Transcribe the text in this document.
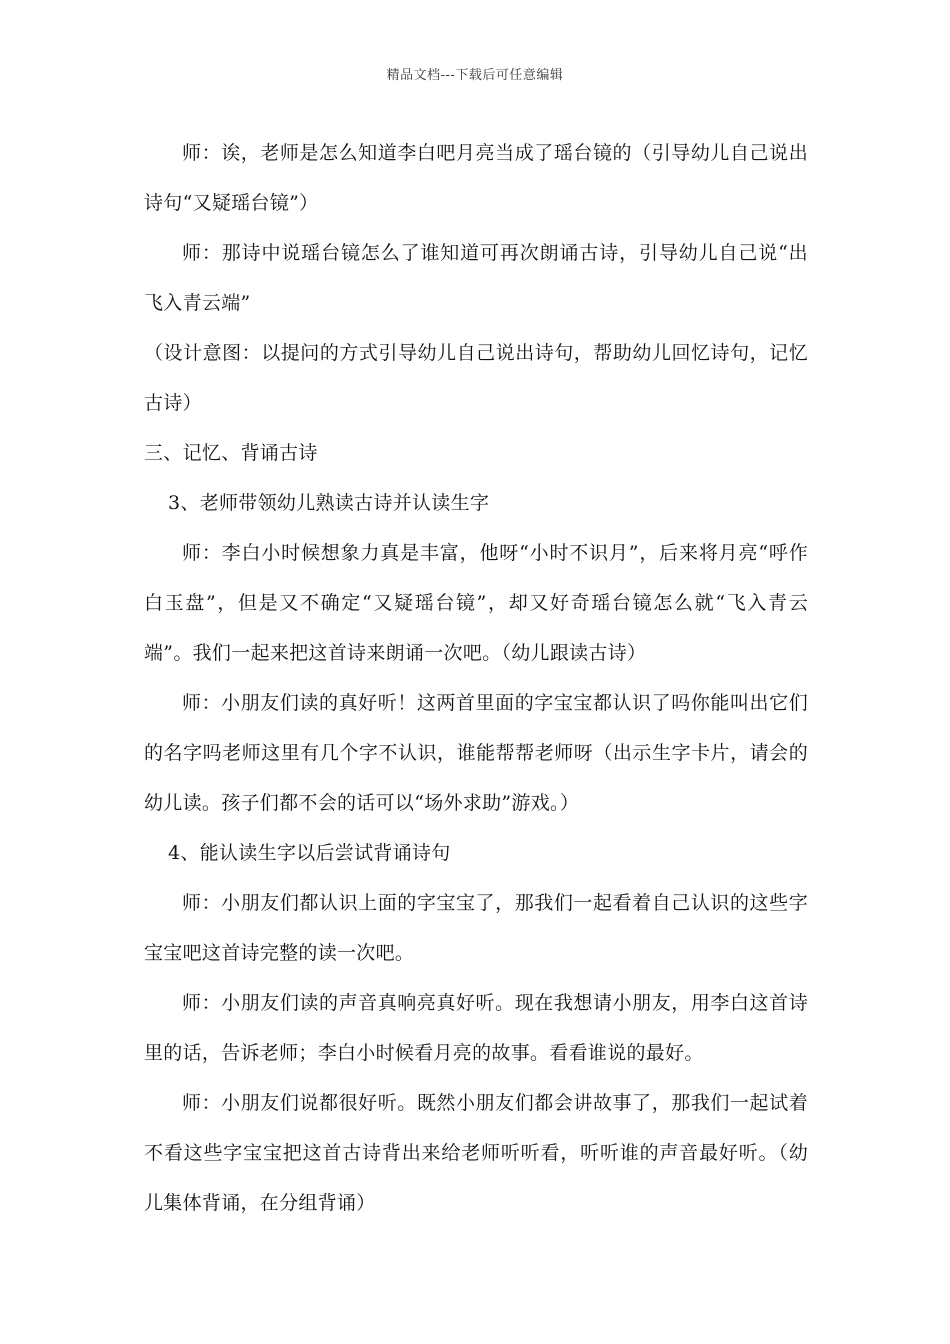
精品文档---下载后可任意编辑

师：诶，老师是怎么知道李白吧月亮当成了瑶台镜的（引导幼儿自己说出诗句“又疑瑶台镜”）

师：那诗中说瑶台镜怎么了谁知道可再次朗诵古诗，引导幼儿自己说“出飞入青云端”

（设计意图：以提问的方式引导幼儿自己说出诗句，帮助幼儿回忆诗句，记忆古诗）

三、记忆、背诵古诗

3、老师带领幼儿熟读古诗并认读生字

师：李白小时候想象力真是丰富，他呀“小时不识月”，后来将月亮“呼作白玉盘”，但是又不确定“又疑瑶台镜”，却又好奇瑶台镜怎么就“飞入青云端”。我们一起来把这首诗来朗诵一次吧。（幼儿跟读古诗）

师：小朋友们读的真好听！这两首里面的字宝宝都认识了吗你能叫出它们的名字吗老师这里有几个字不认识，谁能帮帮老师呀（出示生字卡片，请会的幼儿读。孩子们都不会的话可以“场外求助”游戏。）

4、能认读生字以后尝试背诵诗句

师：小朋友们都认识上面的字宝宝了，那我们一起看着自己认识的这些字宝宝吧这首诗完整的读一次吧。

师：小朋友们读的声音真响亮真好听。现在我想请小朋友，用李白这首诗里的话，告诉老师；李白小时候看月亮的故事。看看谁说的最好。

师：小朋友们说都很好听。既然小朋友们都会讲故事了，那我们一起试着不看这些字宝宝把这首古诗背出来给老师听听看，听听谁的声音最好听。（幼儿集体背诵，在分组背诵）
